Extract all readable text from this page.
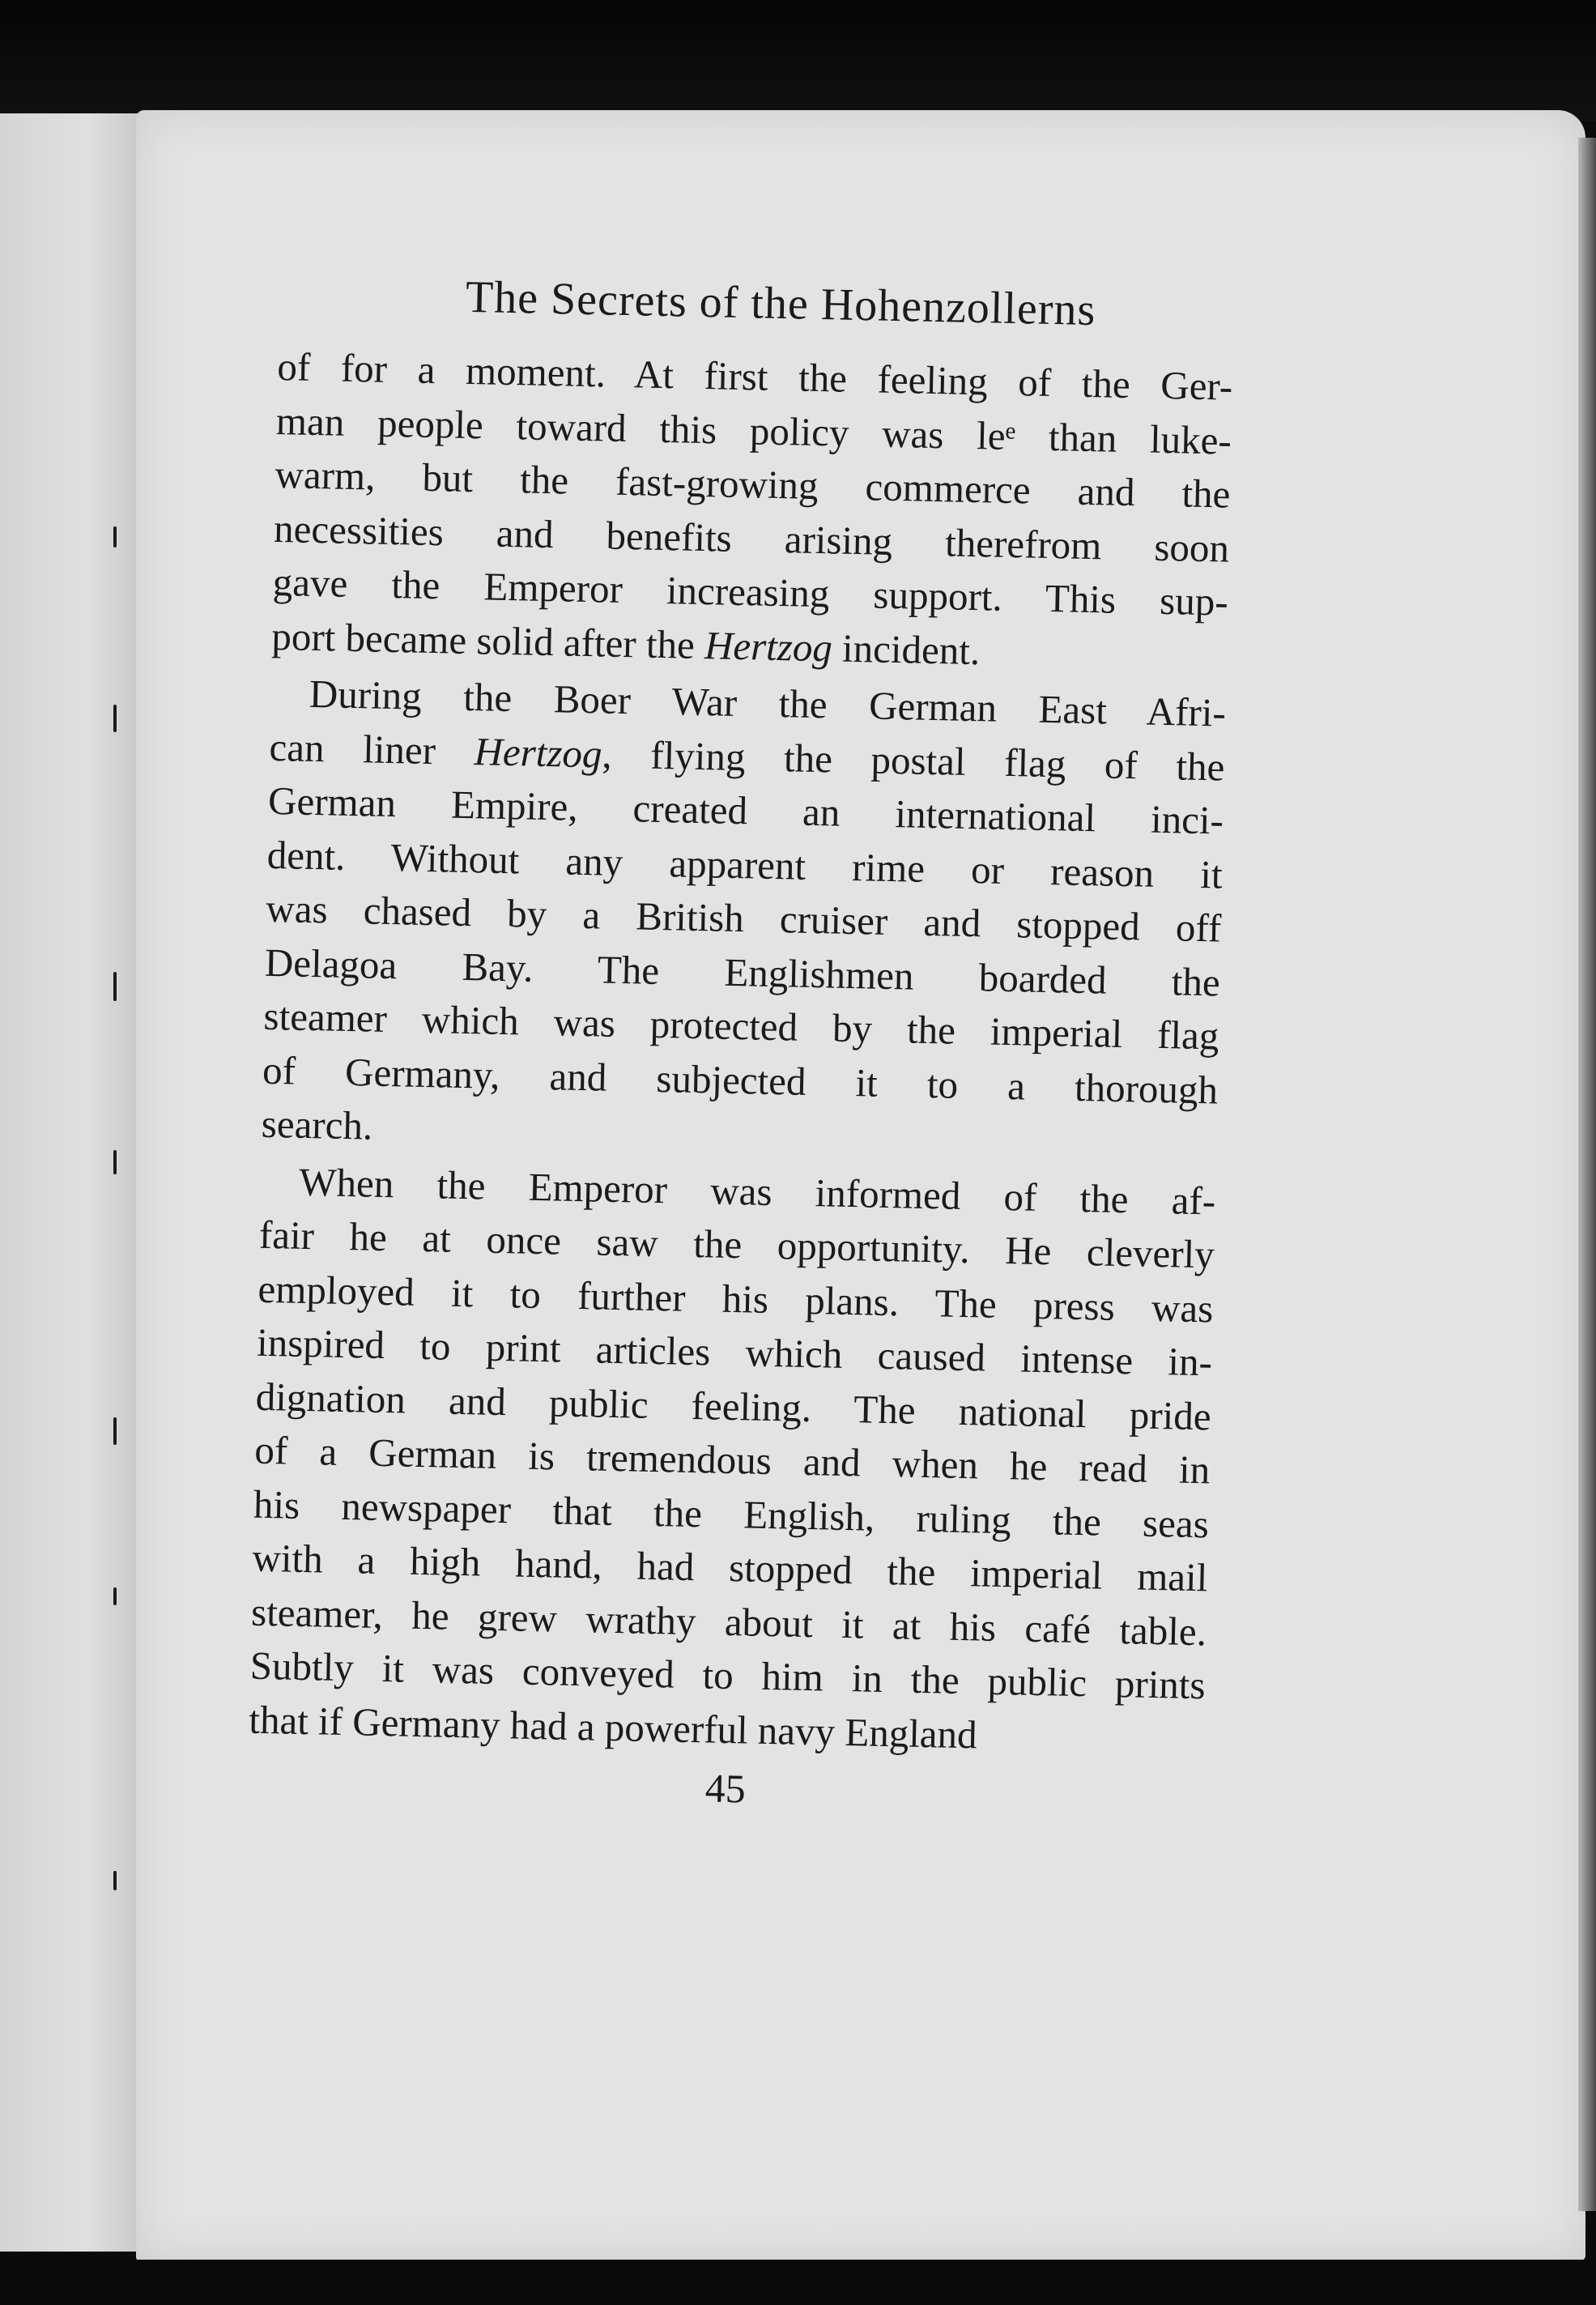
The Secrets of the Hohenzollerns
of for a moment. At first the feeling of the Ger-
man people toward this policy was leᵉ than luke-
warm, but the fast-growing commerce and the
necessities and benefits arising therefrom soon
gave the Emperor increasing support. This sup-
port became solid after the Hertzog incident.
During the Boer War the German East Afri-
can liner Hertzog, flying the postal flag of the
German Empire, created an international inci-
dent. Without any apparent rime or reason it
was chased by a British cruiser and stopped off
Delagoa Bay. The Englishmen boarded the
steamer which was protected by the imperial flag
of Germany, and subjected it to a thorough
search.
When the Emperor was informed of the af-
fair he at once saw the opportunity. He cleverly
employed it to further his plans. The press was
inspired to print articles which caused intense in-
dignation and public feeling. The national pride
of a German is tremendous and when he read in
his newspaper that the English, ruling the seas
with a high hand, had stopped the imperial mail
steamer, he grew wrathy about it at his café table.
Subtly it was conveyed to him in the public prints
that if Germany had a powerful navy England
45
